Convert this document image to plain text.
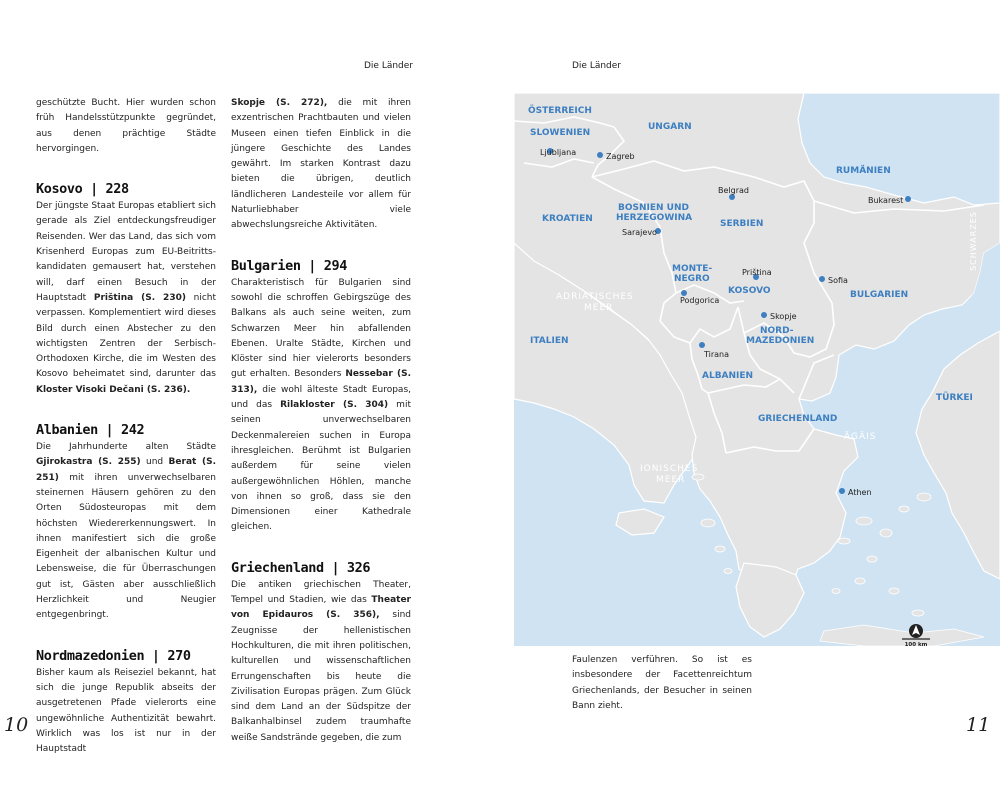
Die Länder	Die Länder

geschützte Bucht. Hier wurden schon früh Handelsstützpunkte gegründet, aus denen prächtige Städte hervorgingen.

Kosovo | 228

Der jüngste Staat Europas etabliert sich gerade als Ziel entdeckungsfreudiger Reisenden. Wer das Land, das sich vom Krisenherd Europas zum EU-Beitrittskandidaten gemausert hat, verstehen will, darf einen Besuch in der Hauptstadt Priština (S. 230) nicht verpassen. Komplementiert wird dieses Bild durch einen Abstecher zu den wichtigsten Zentren der Serbisch-Orthodoxen Kirche, die im Westen des Kosovo beheimatet sind, darunter das Kloster Visoki Dečani (S. 236).

Albanien | 242

Die Jahrhunderte alten Städte Gjirokastra (S. 255) und Berat (S. 251) mit ihren unverwechselbaren steinernen Häusern gehören zu den Orten Südosteuropas mit dem höchsten Wiedererkennungswert. In ihnen manifestiert sich die große Eigenheit der albanischen Kultur und Lebensweise, die für Überraschungen gut ist, Gästen aber ausschließlich Herzlichkeit und Neugier entgegenbringt.

Nordmazedonien | 270

Bisher kaum als Reiseziel bekannt, hat sich die junge Republik abseits der ausgetretenen Pfade vielerorts eine ungewöhnliche Authentizität bewahrt. Wirklich was los ist nur in der Hauptstadt

Skopje (S. 272), die mit ihren exzentrischen Prachtbauten und vielen Museen einen tiefen Einblick in die jüngere Geschichte des Landes gewährt. Im starken Kontrast dazu bieten die übrigen, deutlich ländlicheren Landesteile vor allem für Naturliebhaber viele abwechslungsreiche Aktivitäten.

Bulgarien | 294

Charakteristisch für Bulgarien sind sowohl die schroffen Gebirgszüge des Balkans als auch seine weiten, zum Schwarzen Meer hin abfallenden Ebenen. Uralte Städte, Kirchen und Klöster sind hier vielerorts besonders gut erhalten. Besonders Nessebar (S. 313), die wohl älteste Stadt Europas, und das Rilakloster (S. 304) mit seinen unverwechselbaren Deckenmalereien suchen in Europa ihresgleichen. Berühmt ist Bulgarien außerdem für seine vielen außergewöhnlichen Höhlen, manche von ihnen so groß, dass sie den Dimensionen einer Kathedrale gleichen.

Griechenland | 326

Die antiken griechischen Theater, Tempel und Stadien, wie das Theater von Epidauros (S. 356), sind Zeugnisse der hellenistischen Hochkulturen, die mit ihren politischen, kulturellen und wissenschaftlichen Errungenschaften bis heute die Zivilisation Europas prägen. Zum Glück sind dem Land an der Südspitze der Balkanhalbinsel zudem traumhafte weiße Sandstrände gegeben, die zum

Faulenzen verführen. So ist es insbesondere der Facettenreichtum Griechenlands, der Besucher in seinen Bann zieht.

10	11
ÖSTERREICH
SLOWENIEN
UNGARN
RUMÄNIEN
KROATIEN
BOSNIEN UND
HERZEGOWINA
SERBIEN
MONTE-
NEGRO
KOSOVO	BULGARIEN
NORD-
MAZEDONIEN
ITALIEN
ALBANIEN
GRIECHENLAND
TÜRKEI
ADRIATISCHES
MEER
IONISCHES
MEER
ÄGÄIS
SCHWARZES
Ljubljana	Zagreb
Belgrad
Bukarest
Sarajevo
Priština
Sofia
Podgorica
Skopje
Tirana
Athen
100 km
